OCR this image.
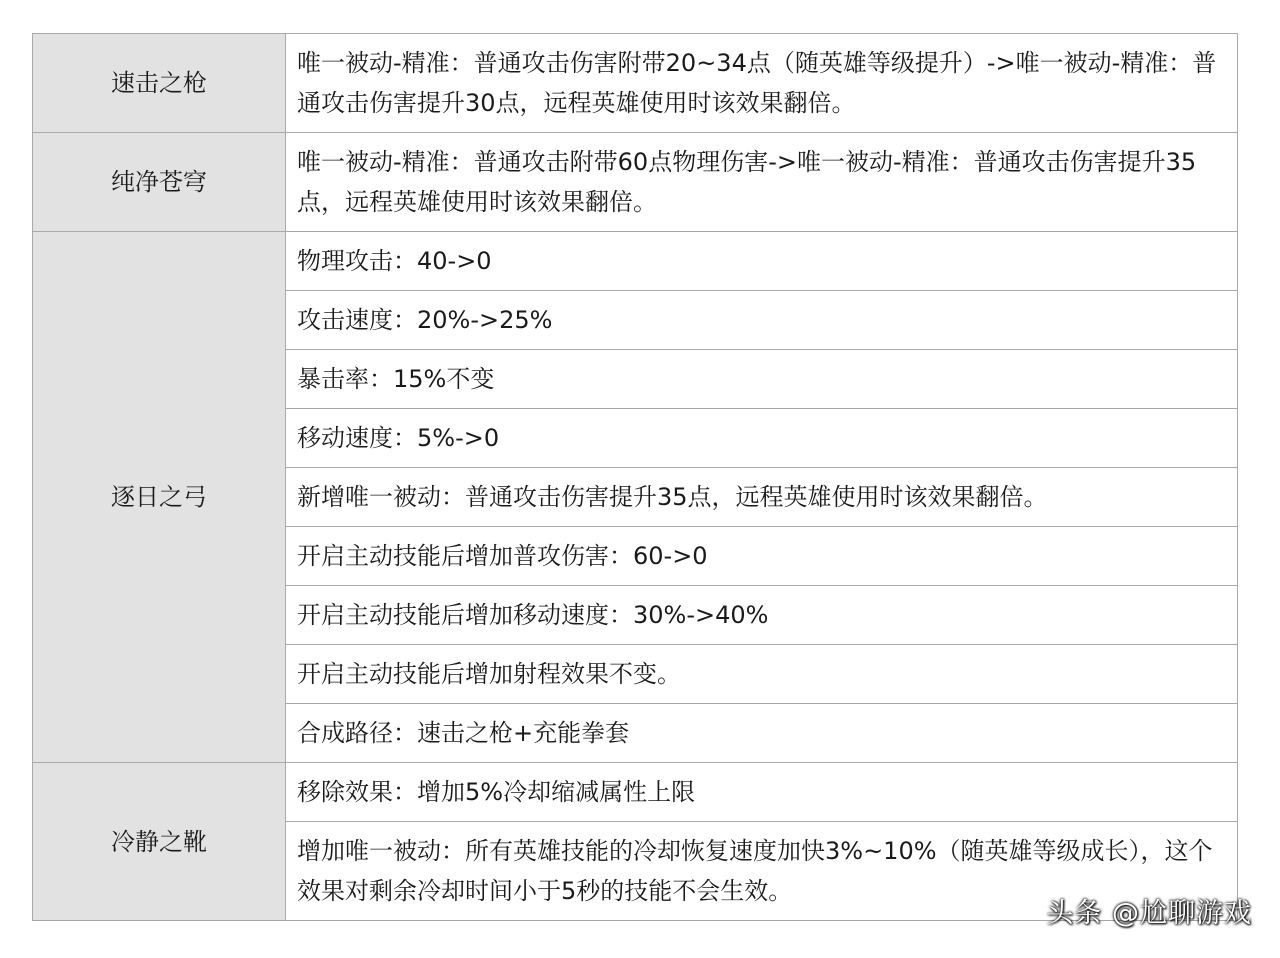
速击之枪	唯一被动-精准：普通攻击伤害附带20~34点（随英雄等级提升）->唯一被动-精准：普通攻击伤害提升30点，远程英雄使用时该效果翻倍。
纯净苍穹	唯一被动-精准：普通攻击附带60点物理伤害->唯一被动-精准：普通攻击伤害提升35点，远程英雄使用时该效果翻倍。
逐日之弓	物理攻击：40->0
	攻击速度：20%->25%
	暴击率：15%不变
	移动速度：5%->0
	新增唯一被动：普通攻击伤害提升35点，远程英雄使用时该效果翻倍。
	开启主动技能后增加普攻伤害：60->0
	开启主动技能后增加移动速度：30%->40%
	开启主动技能后增加射程效果不变。
	合成路径：速击之枪+充能拳套
冷静之靴	移除效果：增加5%冷却缩减属性上限
	增加唯一被动：所有英雄技能的冷却恢复速度加快3%~10%（随英雄等级成长），这个效果对剩余冷却时间小于5秒的技能不会生效。
头条 @尬聊游戏
